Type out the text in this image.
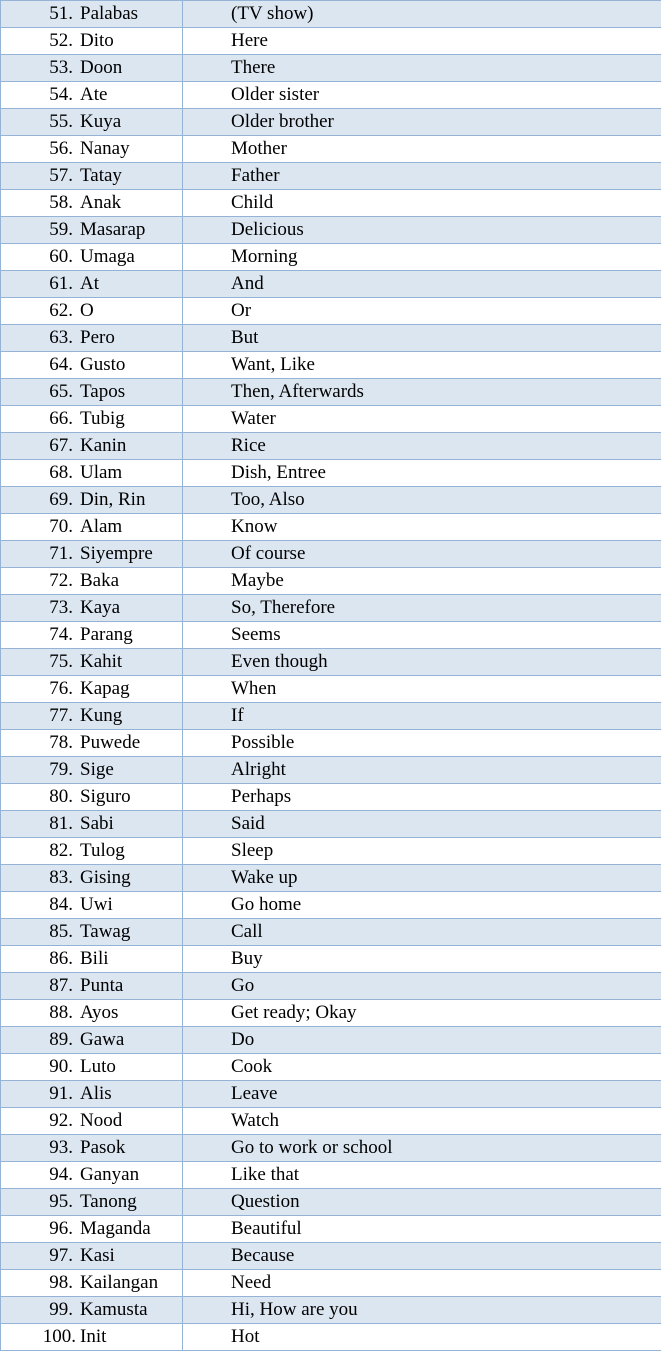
51. Palabas	(TV show)
52. Dito	Here
53. Doon	There
54. Ate	Older sister
55. Kuya	Older brother
56. Nanay	Mother
57. Tatay	Father
58. Anak	Child
59. Masarap	Delicious
60. Umaga	Morning
61. At	And
62. O	Or
63. Pero	But
64. Gusto	Want, Like
65. Tapos	Then, Afterwards
66. Tubig	Water
67. Kanin	Rice
68. Ulam	Dish, Entree
69. Din, Rin	Too, Also
70. Alam	Know
71. Siyempre	Of course
72. Baka	Maybe
73. Kaya	So, Therefore
74. Parang	Seems
75. Kahit	Even though
76. Kapag	When
77. Kung	If
78. Puwede	Possible
79. Sige	Alright
80. Siguro	Perhaps
81. Sabi	Said
82. Tulog	Sleep
83. Gising	Wake up
84. Uwi	Go home
85. Tawag	Call
86. Bili	Buy
87. Punta	Go
88. Ayos	Get ready; Okay
89. Gawa	Do
90. Luto	Cook
91. Alis	Leave
92. Nood	Watch
93. Pasok	Go to work or school
94. Ganyan	Like that
95. Tanong	Question
96. Maganda	Beautiful
97. Kasi	Because
98. Kailangan	Need
99. Kamusta	Hi, How are you
100. Init	Hot
